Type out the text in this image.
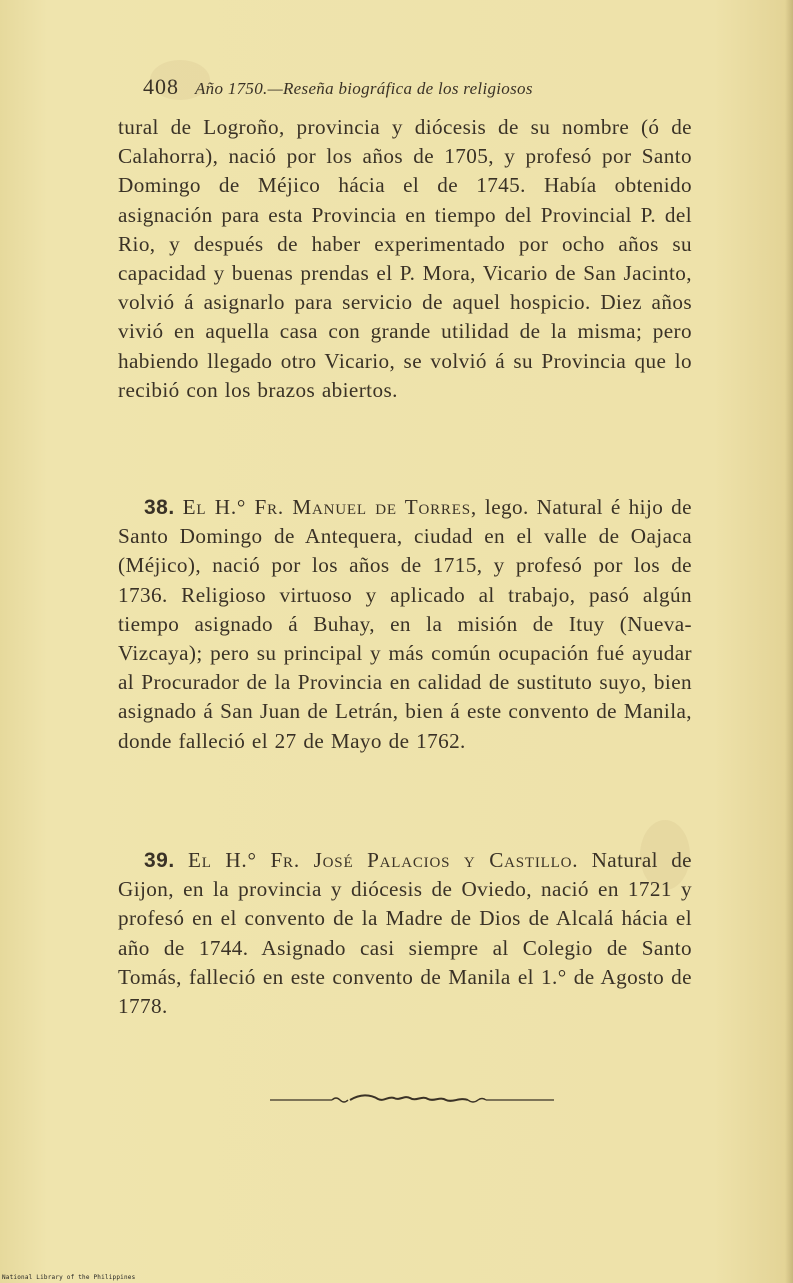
408 Año 1750.—Reseña biográfica de los religiosos

tural de Logroño, provincia y diócesis de su nombre (ó de Calahorra), nació por los años de 1705, y profesó por Santo Domingo de Méjico hácia el de 1745. Había obtenido asignación para esta Provincia en tiempo del Provincial P. del Rio, y después de haber experimentado por ocho años su capacidad y buenas prendas el P. Mora, Vicario de San Jacinto, volvió á asignarlo para servicio de aquel hospicio. Diez años vivió en aquella casa con grande utilidad de la misma; pero habiendo llegado otro Vicario, se volvió á su Provincia que lo recibió con los brazos abiertos.

38. El H.° Fr. Manuel de Torres, lego. Natural é hijo de Santo Domingo de Antequera, ciudad en el valle de Oajaca (Méjico), nació por los años de 1715, y profesó por los de 1736. Religioso virtuoso y aplicado al trabajo, pasó algún tiempo asignado á Buhay, en la misión de Ituy (Nueva-Vizcaya); pero su principal y más común ocupación fué ayudar al Procurador de la Provincia en calidad de sustituto suyo, bien asignado á San Juan de Letrán, bien á este convento de Manila, donde falleció el 27 de Mayo de 1762.

39. El H.° Fr. José Palacios y Castillo. Natural de Gijon, en la provincia y diócesis de Oviedo, nació en 1721 y profesó en el convento de la Madre de Dios de Alcalá hácia el año de 1744. Asignado casi siempre al Colegio de Santo Tomás, falleció en este convento de Manila el 1.° de Agosto de 1778.

National Library of the Philippines
